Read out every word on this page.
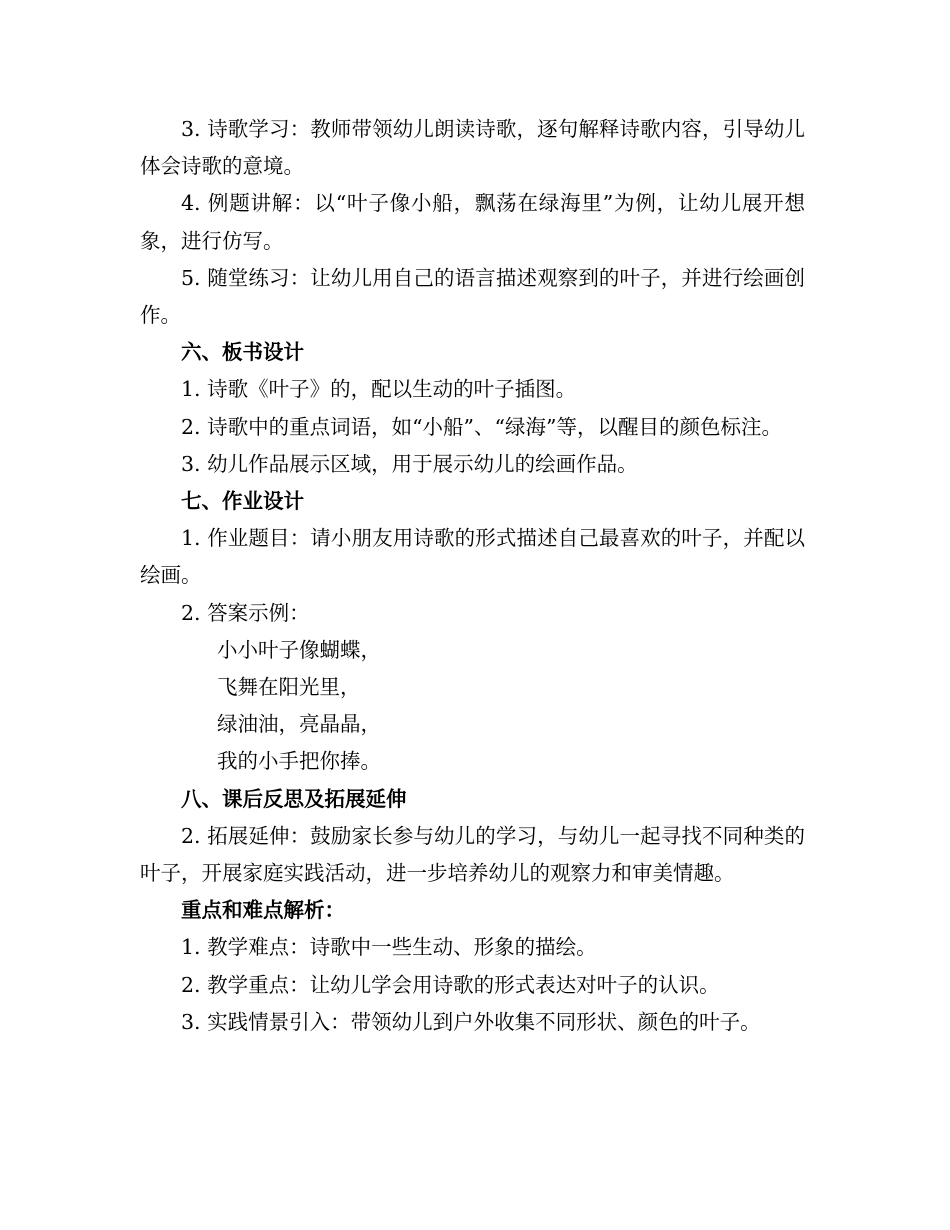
3. 诗歌学习：教师带领幼儿朗读诗歌，逐句解释诗歌内容，引导幼儿体会诗歌的意境。

4. 例题讲解：以“叶子像小船，飘荡在绿海里”为例，让幼儿展开想象，进行仿写。

5. 随堂练习：让幼儿用自己的语言描述观察到的叶子，并进行绘画创作。

六、板书设计

1. 诗歌《叶子》的，配以生动的叶子插图。

2. 诗歌中的重点词语，如“小船”、“绿海”等，以醒目的颜色标注。

3. 幼儿作品展示区域，用于展示幼儿的绘画作品。

七、作业设计

1. 作业题目：请小朋友用诗歌的形式描述自己最喜欢的叶子，并配以绘画。

2. 答案示例：

小小叶子像蝴蝶，

飞舞在阳光里，

绿油油，亮晶晶，

我的小手把你捧。

八、课后反思及拓展延伸

2. 拓展延伸：鼓励家长参与幼儿的学习，与幼儿一起寻找不同种类的叶子，开展家庭实践活动，进一步培养幼儿的观察力和审美情趣。

重点和难点解析：

1. 教学难点：诗歌中一些生动、形象的描绘。

2. 教学重点：让幼儿学会用诗歌的形式表达对叶子的认识。

3. 实践情景引入：带领幼儿到户外收集不同形状、颜色的叶子。
